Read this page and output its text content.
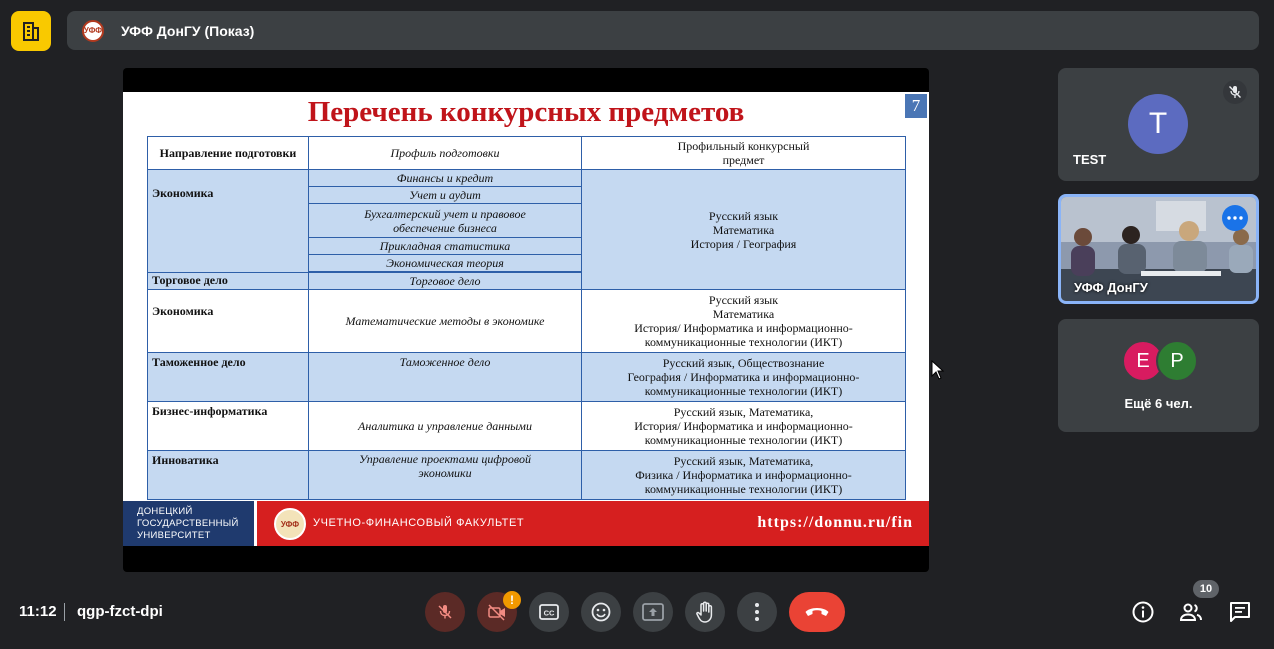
УФФ УФФ ДонГУ (Показ)
7
Перечень конкурсных предметов
Направление подготовки	Профиль подготовки	Профильный конкурсный предмет
Экономика	Финансы и кредит	Русский язык
Математика
История / География

	Учет и аудит	
	Бухгалтерский учет и правовое обеспечение бизнеса	
	Прикладная статистика	
	Экономическая теория	

Торговое дело	Торговое дело	
Экономика	Математические методы в экономике	Русский язык
Математика
История/ Информатика и информационно-
коммуникационные технологии (ИКТ)

Таможенное дело	Таможенное дело	Русский язык, Обществознание
География / Информатика и информационно-
коммуникационные технологии (ИКТ)

Бизнес-информатика	Аналитика и управление данными	Русский язык, Математика,
История/ Информатика и информационно-
коммуникационные технологии (ИКТ)

Инноватика	Управление проектами цифровой экономики	Русский язык, Математика,
Физика / Информатика и информационно-
коммуникационные технологии (ИКТ)
ДОНЕЦКИЙ
ГОСУДАРСТВЕННЫЙ
УНИВЕРСИТЕТ
УФФ	УЧЕТНО-ФИНАНСОВЫЙ ФАКУЛЬТЕТ	https://donnu.ru/fin
T
TEST
УФФ ДонГУ
E	P
Ещё 6 чел.
11:12 qgp-fzct-dpi
!
CC
10
